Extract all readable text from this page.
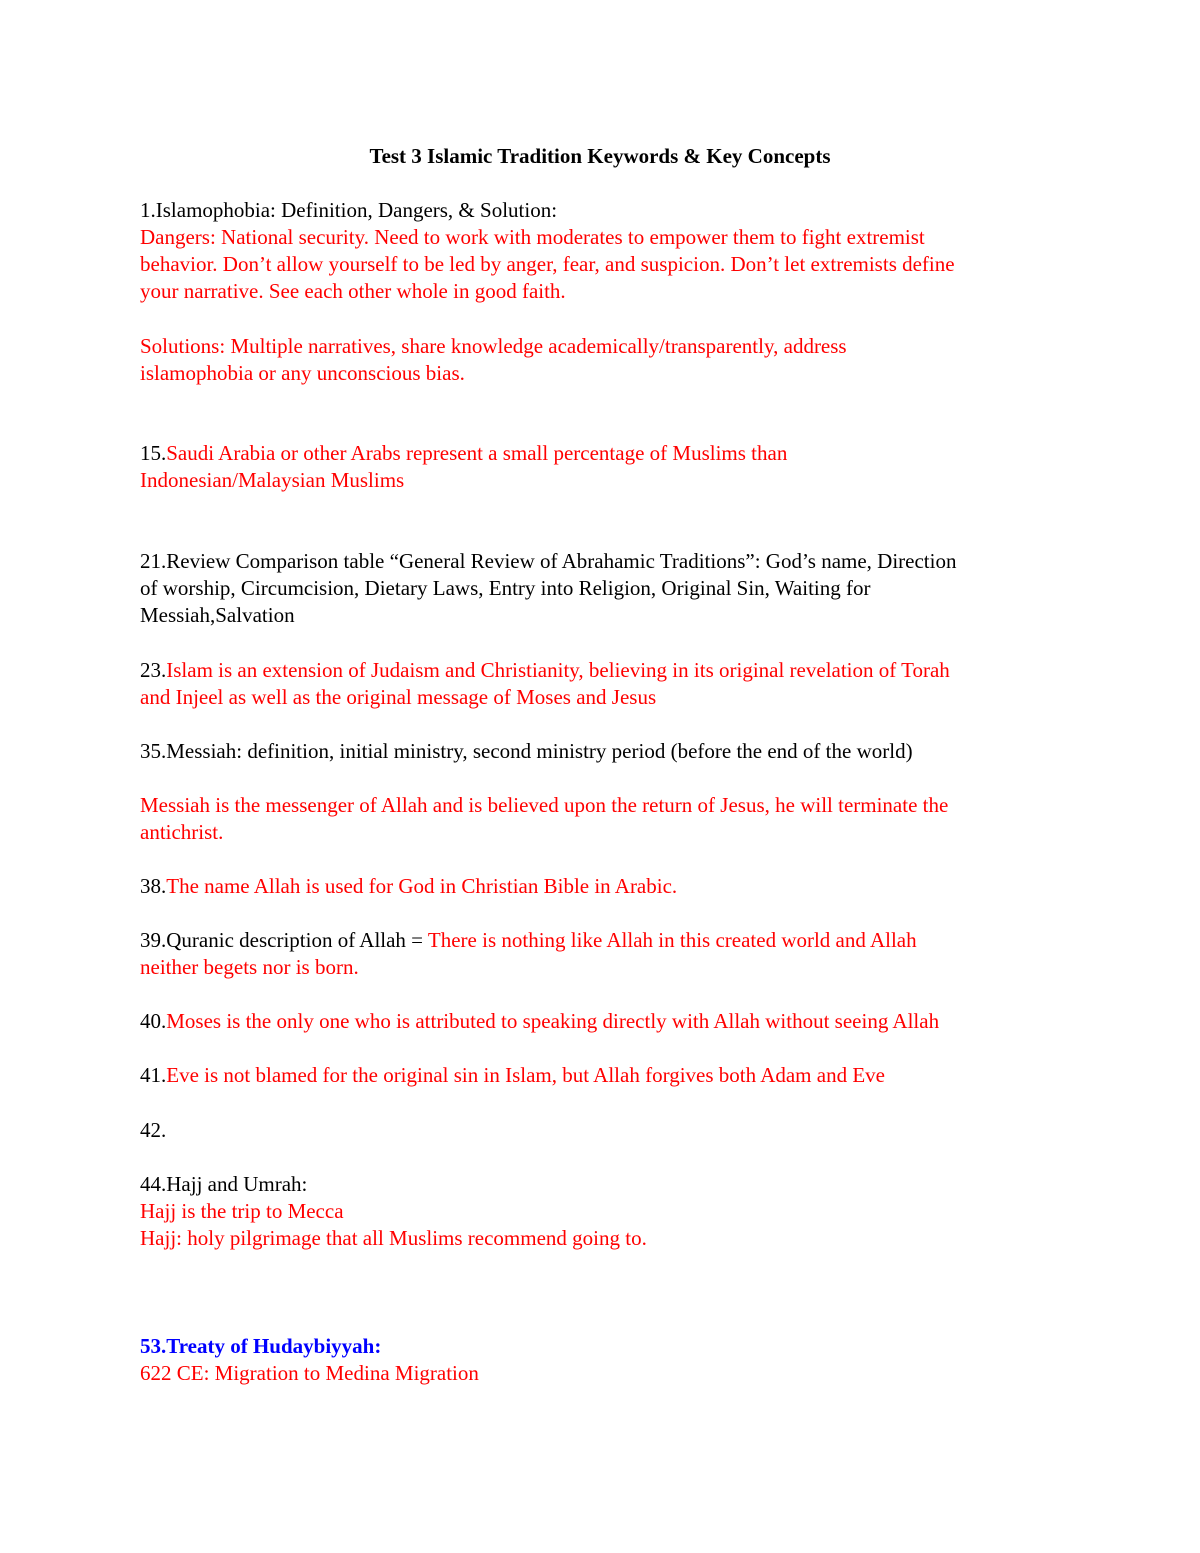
Test 3 Islamic Tradition Keywords & Key Concepts
1.Islamophobia: Definition, Dangers, & Solution:
Dangers: National security. Need to work with moderates to empower them to fight extremist
behavior. Don’t allow yourself to be led by anger, fear, and suspicion. Don’t let extremists define
your narrative. See each other whole in good faith.
Solutions: Multiple narratives, share knowledge academically/transparently, address
islamophobia or any unconscious bias.
15.Saudi Arabia or other Arabs represent a small percentage of Muslims than
Indonesian/Malaysian Muslims
21.Review Comparison table “General Review of Abrahamic Traditions”: God’s name, Direction
of worship, Circumcision, Dietary Laws, Entry into Religion, Original Sin, Waiting for
Messiah,Salvation
23.Islam is an extension of Judaism and Christianity, believing in its original revelation of Torah
and Injeel as well as the original message of Moses and Jesus
35.Messiah: definition, initial ministry, second ministry period (before the end of the world)
Messiah is the messenger of Allah and is believed upon the return of Jesus, he will terminate the
antichrist.
38.The name Allah is used for God in Christian Bible in Arabic.
39.Quranic description of Allah = There is nothing like Allah in this created world and Allah
neither begets nor is born.
40.Moses is the only one who is attributed to speaking directly with Allah without seeing Allah
41.Eve is not blamed for the original sin in Islam, but Allah forgives both Adam and Eve
42.
44.Hajj and Umrah:
Hajj is the trip to Mecca
Hajj: holy pilgrimage that all Muslims recommend going to.
53.Treaty of Hudaybiyyah:
622 CE: Migration to Medina Migration
